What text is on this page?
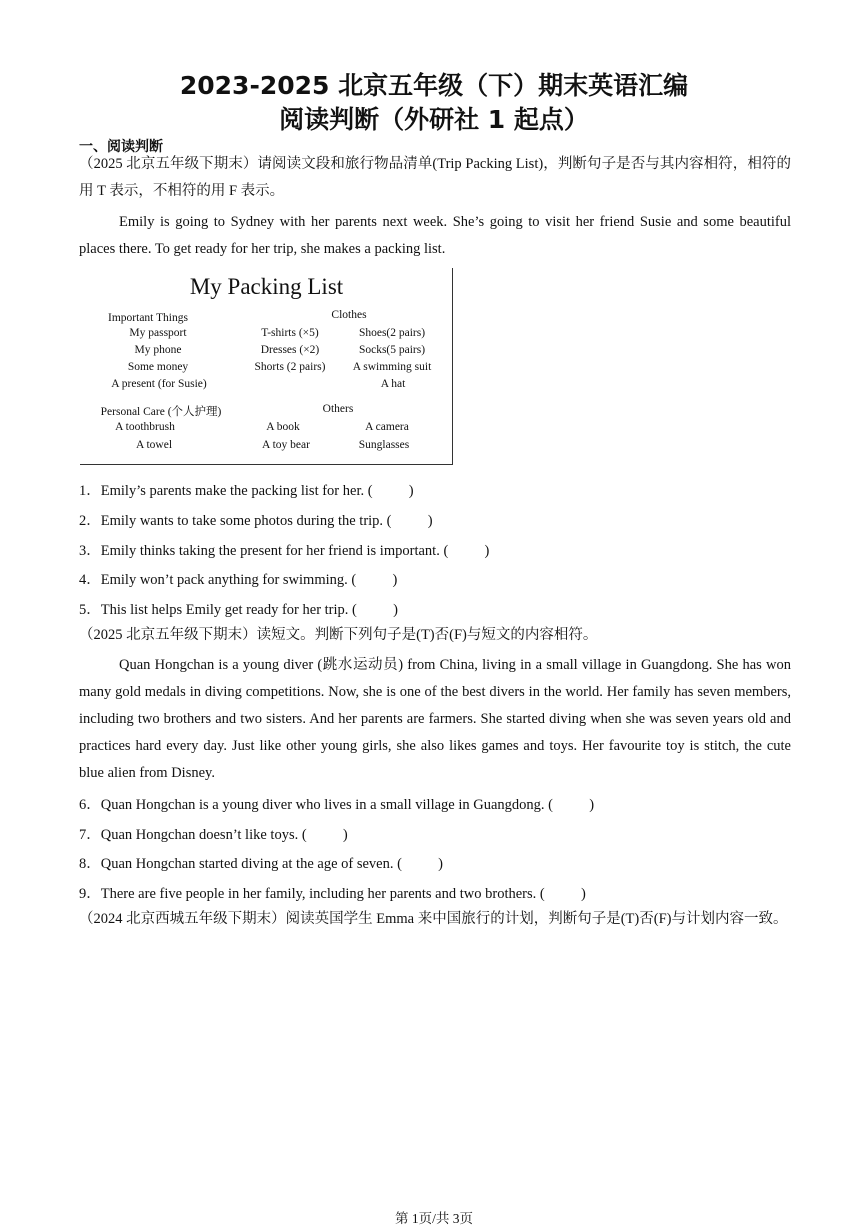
2023-2025 北京五年级（下）期末英语汇编
阅读判断（外研社 1 起点）
一、阅读判断
（2025 北京五年级下期末）请阅读文段和旅行物品清单(Trip Packing List)，判断句子是否与其内容相符，相符的用 T 表示，不相符的用 F 表示。
Emily is going to Sydney with her parents next week. She’s going to visit her friend Susie and some beautiful places there. To get ready for her trip, she makes a packing list.
My Packing List
Important Things	Clothes
My passport
My phone
Some money
A present (for Susie)
T-shirts (×5)
Dresses (×2)
Shorts (2 pairs)
Shoes(2 pairs)
Socks(5 pairs)
A swimming suit
A hat
Personal Care (个人护理)	Others
A toothbrush
A towel
A book
A toy bear
A camera
Sunglasses
1．Emily’s parents make the packing list for her. (          )
2．Emily wants to take some photos during the trip. (          )
3．Emily thinks taking the present for her friend is important. (          )
4．Emily won’t pack anything for swimming. (          )
5．This list helps Emily get ready for her trip. (          )
（2025 北京五年级下期末）读短文。判断下列句子是(T)否(F)与短文的内容相符。
Quan Hongchan is a young diver (跳水运动员) from China, living in a small village in Guangdong. She has won many gold medals in diving competitions. Now, she is one of the best divers in the world. Her family has seven members, including two brothers and two sisters. And her parents are farmers. She started diving when she was seven years old and practices hard every day. Just like other young girls, she also likes games and toys. Her favourite toy is stitch, the cute blue alien from Disney.
6．Quan Hongchan is a young diver who lives in a small village in Guangdong. (          )
7．Quan Hongchan doesn’t like toys. (          )
8．Quan Hongchan started diving at the age of seven. (          )
9．There are five people in her family, including her parents and two brothers. (          )
（2024 北京西城五年级下期末）阅读英国学生 Emma 来中国旅行的计划，判断句子是(T)否(F)与计划内容一致。
第 1页/共 3页
